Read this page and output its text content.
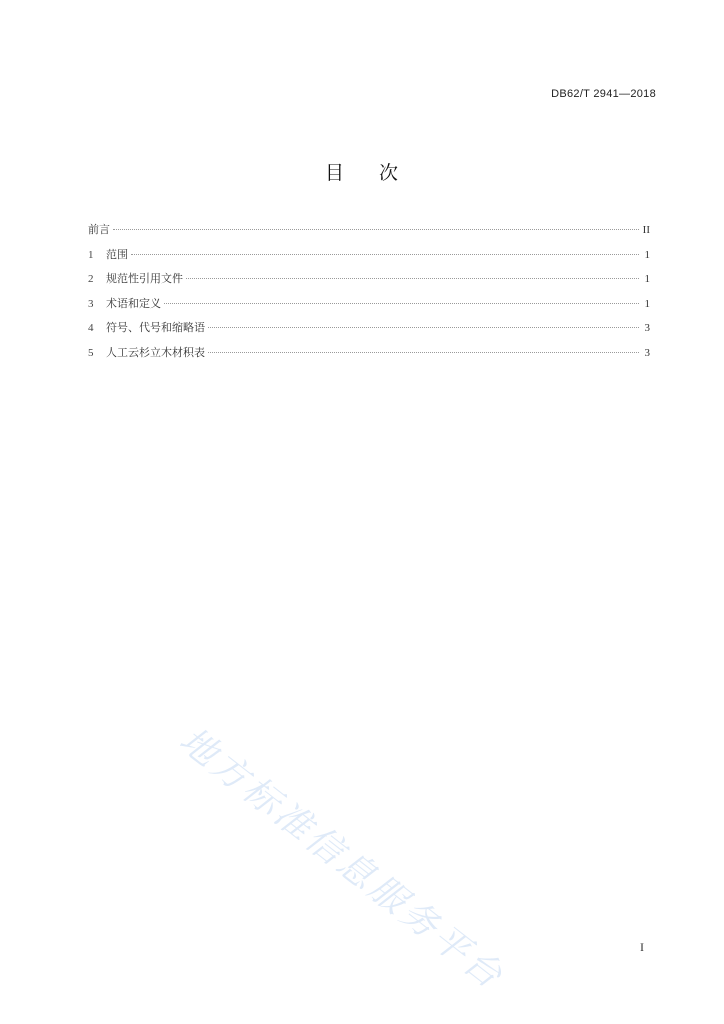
DB62/T 2941—2018
目 次
前言	II
1	范围	1
2	规范性引用文件	1
3	术语和定义	1
4	符号、代号和缩略语	3
5	人工云杉立木材积表	3
地方标准信息服务平台	I
